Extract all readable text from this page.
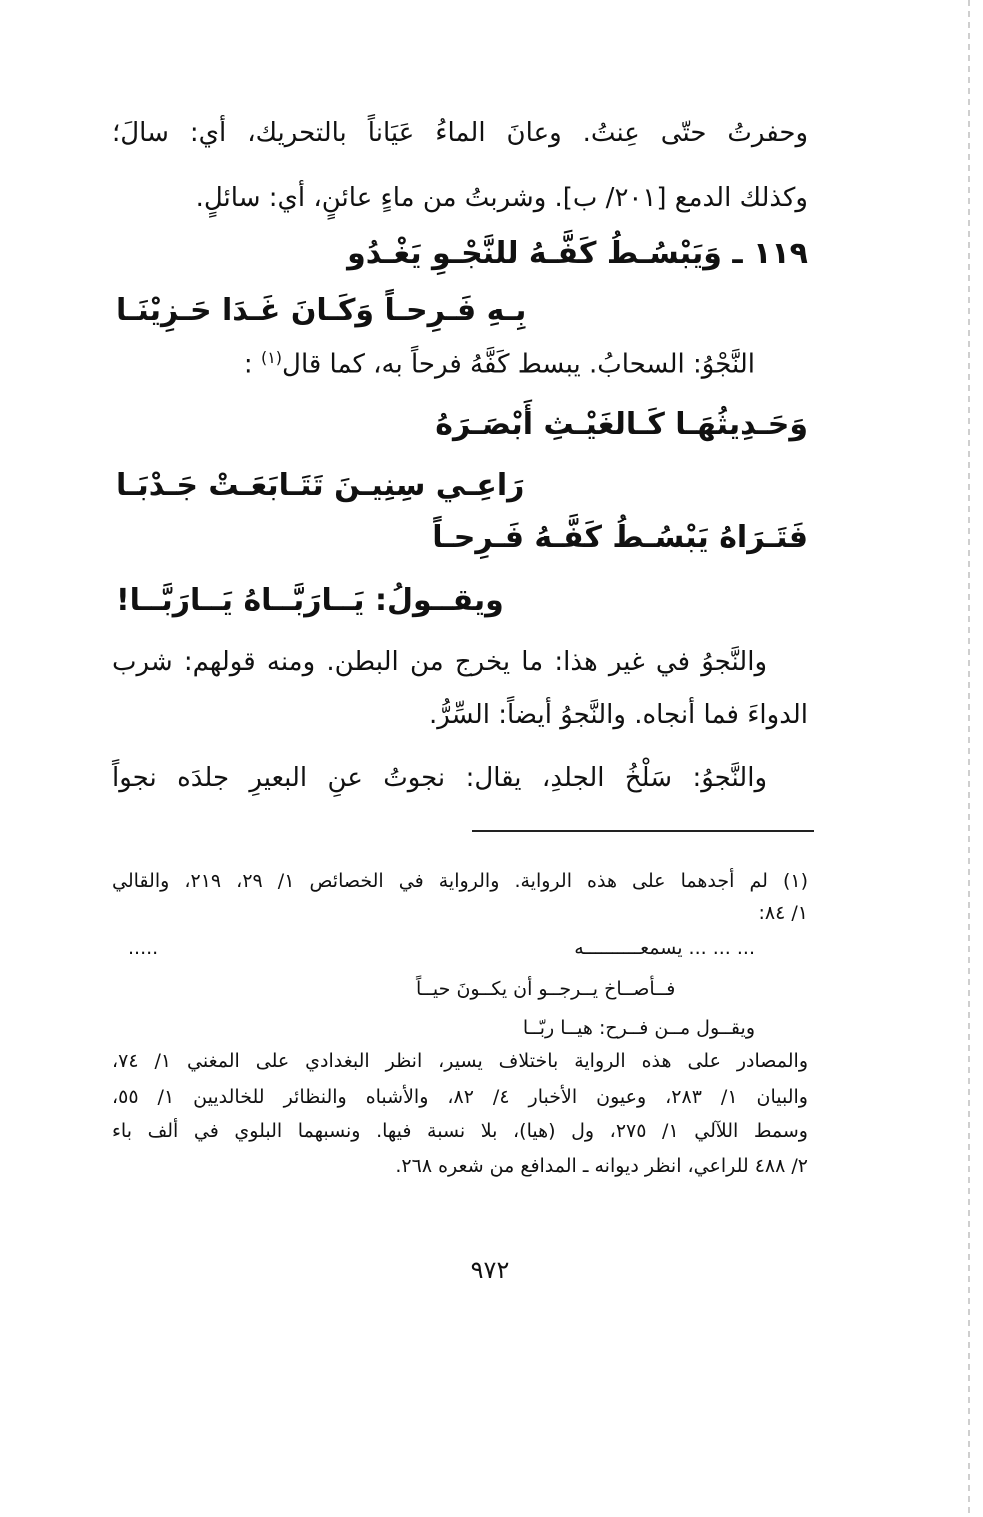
وحفرتُ حتّى عِنتُ. وعانَ الماءُ عَيَاناً بالتحريك، أي: سالَ؛
وكذلك الدمع [٢٠١/ ب]. وشربتُ من ماءٍ عائنٍ، أي: سائلٍ.
١١٩ ـ وَيَبْسُـطُ كَفَّـهُ للنَّجْـوِ يَغْـدُو
بِـهِ فَـرِحـاً وَكَـانَ غَـدَا حَـزِيْنَـا
النَّجْوُ: السحابُ. يبسط كَفَّهُ فرحاً به، كما قال$^{(١)}$ :
وَحَـدِيثُهَـا كَـالغَيْـثِ أَبْصَـرَهُ
رَاعِـي سِنِيـنَ تَتَـابَعَـتْ جَـدْبَـا
فَتَـرَاهُ يَبْسُـطُ كَفَّـهُ فَـرِحـاً
ويقــولُ: يَــارَبَّــاهُ يَــارَبَّــا!
والنَّجوُ في غير هذا: ما يخرج من البطن. ومنه قولهم: شرب
الدواءَ فما أنجاه. والنَّجوُ أيضاً: السِّرُّ.
والنَّجوُ: سَلْخُ الجلدِ، يقال: نجوتُ عنِ البعيرِ جلدَه نجواً
(١) لم أجدهما على هذه الرواية. والرواية في الخصائص ١/ ٢٩، ٢١٩، والقالي
١/ ٨٤:
... ... ... يسمعــــــــــه
.....
فــأصــاخ يــرجــو أن يكــونَ حيــاً
ويقــول مــن فــرح: هيــا ربّــا
والمصادر على هذه الرواية باختلاف يسير، انظر البغدادي على المغني ١/ ٧٤،
والبيان ١/ ٢٨٣، وعيون الأخبار ٤/ ٨٢، والأشباه والنظائر للخالديين ١/ ٥٥،
وسمط اللآلي ١/ ٢٧٥، ول (هيا)، بلا نسبة فيها. ونسبهما البلوي في ألف باء
٢/ ٤٨٨ للراعي، انظر ديوانه ـ المدافع من شعره ٢٦٨.
٩٧٢
